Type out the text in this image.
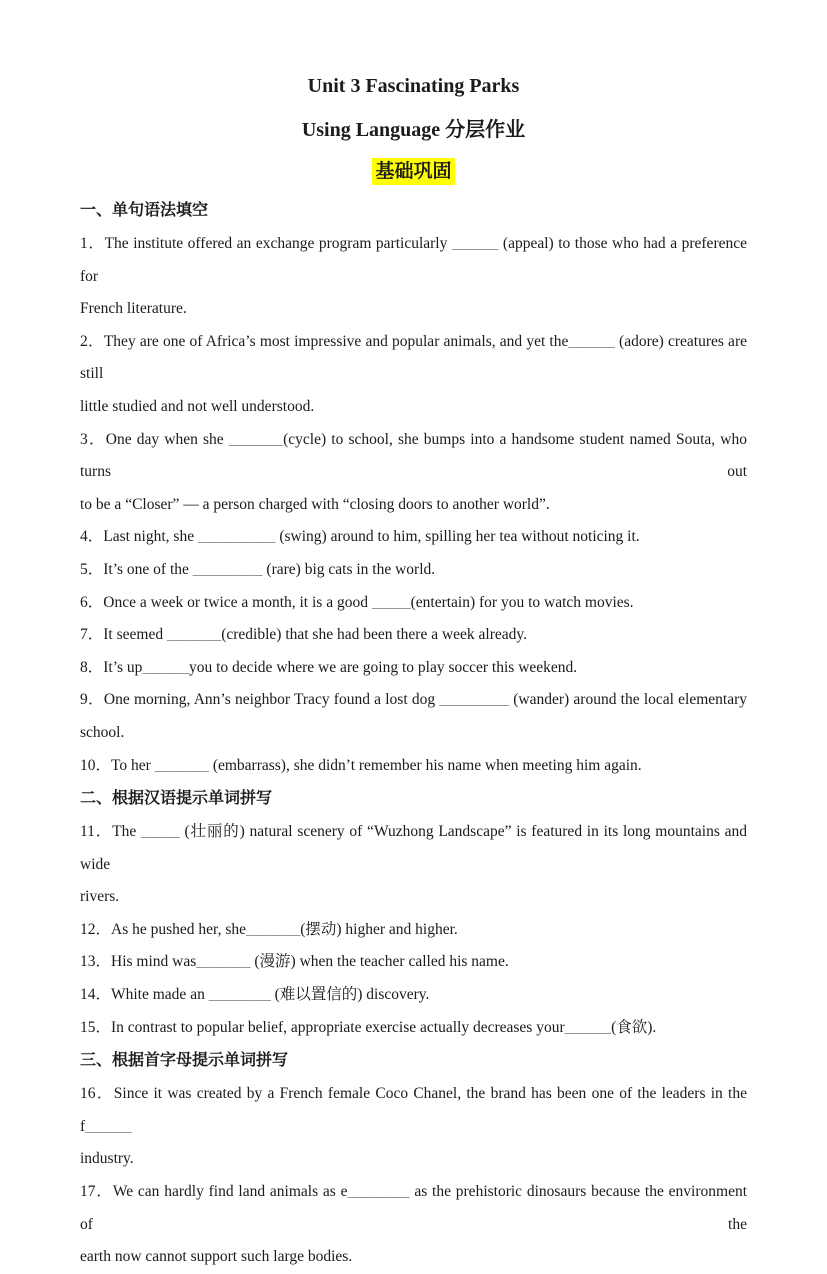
Unit 3 Fascinating Parks
Using Language 分层作业
基础巩固
一、单句语法填空
1．The institute offered an exchange program particularly ______ (appeal) to those who had a preference for
French literature.
2．They are one of Africa’s most impressive and popular animals, and yet the______ (adore) creatures are still
little studied and not well understood.
3．One day when she _______(cycle) to school, she bumps into a handsome student named Souta, who turns out
to be a “Closer” — a person charged with “closing doors to another world”.
4．Last night, she __________ (swing) around to him, spilling her tea without noticing it.
5．It’s one of the _________ (rare) big cats in the world.
6．Once a week or twice a month, it is a good _____(entertain) for you to watch movies.
7．It seemed _______(credible) that she had been there a week already.
8．It’s up______you to decide where we are going to play soccer this weekend.
9．One morning, Ann’s neighbor Tracy found a lost dog _________ (wander) around the local elementary
school.
10．To her _______ (embarrass), she didn’t remember his name when meeting him again.
二、根据汉语提示单词拼写
11．The _____ (壮丽的) natural scenery of “Wuzhong Landscape” is featured in its long mountains and wide
rivers.
12．As he pushed her, she_______(摆动) higher and higher.
13．His mind was_______ (漫游) when the teacher called his name.
14．White made an ________ (难以置信的) discovery.
15．In contrast to popular belief, appropriate exercise actually decreases your______(食欲).
三、根据首字母提示单词拼写
16．Since it was created by a French female Coco Chanel, the brand has been one of the leaders in the f______
industry.
17．We can hardly find land animals as e________ as the prehistoric dinosaurs because the environment of the
earth now cannot support such large bodies.
